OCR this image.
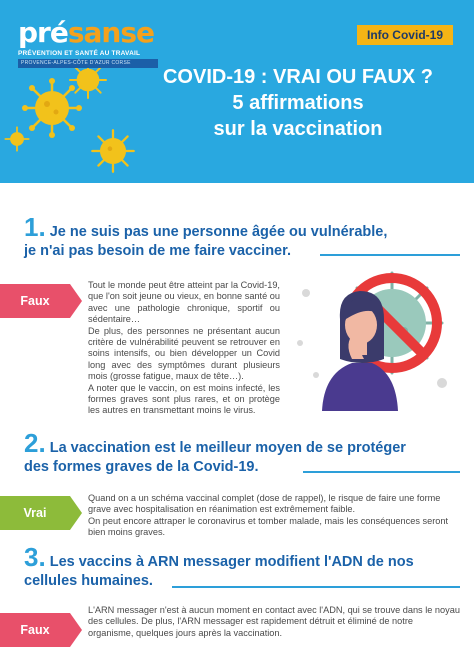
présanse
PRÉVENTION ET SANTÉ AU TRAVAIL
PROVENCE-ALPES-CÔTE D'AZUR CORSE
Info Covid-19
COVID-19 : VRAI OU FAUX ?
5 affirmations
sur la vaccination
1. Je ne suis pas une personne âgée ou vulnérable,
je n'ai pas besoin de me faire vacciner.
Faux

Tout le monde peut être atteint par la Covid-19, que l'on soit jeune ou vieux, en bonne santé ou avec une pathologie chronique, sportif ou sédentaire…

De plus, des personnes ne présentant aucun critère de vulnérabilité peuvent se retrouver en soins intensifs, ou bien développer un Covid long avec des symptômes durant plusieurs mois (grosse fatigue, maux de tête…).

A noter que le vaccin, on est moins infecté, les formes graves sont plus rares, et on protège les autres en transmettant moins le virus.

2. La vaccination est le meilleur moyen de se protéger
des formes graves de la Covid-19.
Vrai

Quand on a un schéma vaccinal complet (dose de rappel), le risque de faire une forme grave avec hospitalisation en réanimation est extrêmement faible.

On peut encore attraper le coronavirus et tomber malade, mais les conséquences seront bien moins graves.

3. Les vaccins à ARN messager modifient l'ADN de nos
cellules humaines.
Faux

L'ARN messager n'est à aucun moment en contact avec l'ADN, qui se trouve dans le noyau des cellules. De plus, l'ARN messager est rapidement détruit et éliminé de notre organisme, quelques jours après la vaccination.
